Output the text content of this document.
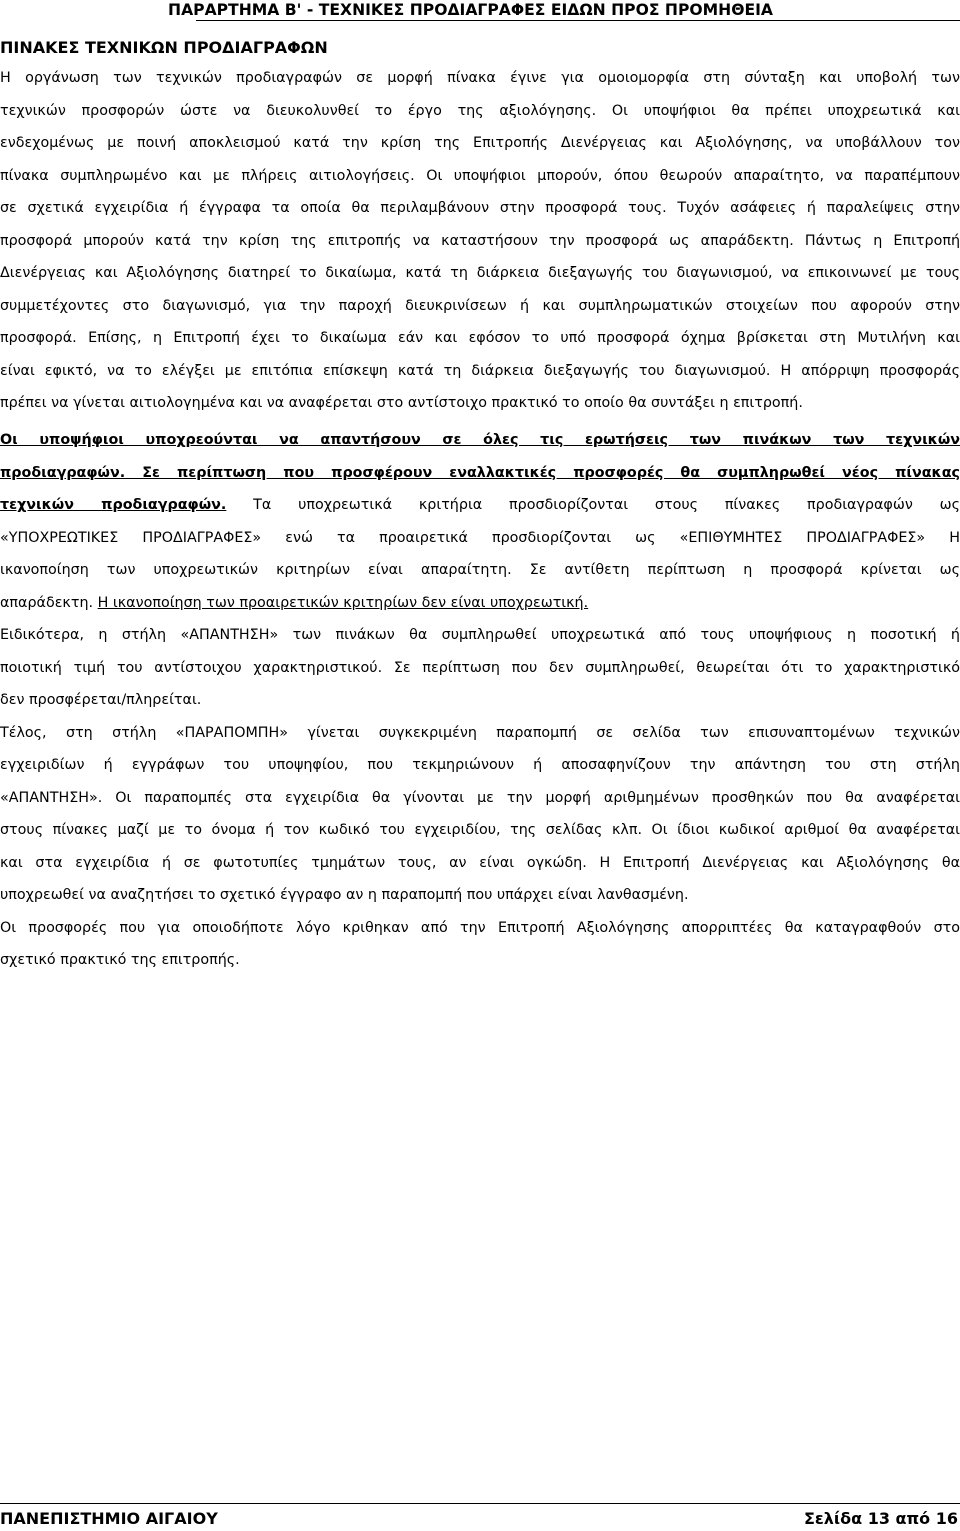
ΠΑΡΑΡΤΗΜΑ Β' - ΤΕΧΝΙΚΕΣ ΠΡΟΔΙΑΓΡΑΦΕΣ ΕΙΔΩΝ ΠΡΟΣ ΠΡΟΜΗΘΕΙΑ
ΠΙΝΑΚΕΣ ΤΕΧΝΙΚΩΝ ΠΡΟΔΙΑΓΡΑΦΩΝ
Η οργάνωση των τεχνικών προδιαγραφών σε μορφή πίνακα έγινε για ομοιομορφία στη σύνταξη και υποβολή των
τεχνικών προσφορών ώστε να διευκολυνθεί το έργο της αξιολόγησης. Οι υποψήφιοι θα πρέπει υποχρεωτικά και
ενδεχομένως με ποινή αποκλεισμού κατά την κρίση της Επιτροπής Διενέργειας και Αξιολόγησης, να υποβάλλουν τον
πίνακα συμπληρωμένο και με πλήρεις αιτιολογήσεις. Οι υποψήφιοι μπορούν, όπου θεωρούν απαραίτητο, να παραπέμπουν
σε σχετικά εγχειρίδια ή έγγραφα τα οποία θα περιλαμβάνουν στην προσφορά τους. Τυχόν ασάφειες ή παραλείψεις στην
προσφορά μπορούν κατά την κρίση της επιτροπής να καταστήσουν την προσφορά ως απαράδεκτη. Πάντως η Επιτροπή
Διενέργειας και Αξιολόγησης διατηρεί το δικαίωμα, κατά τη διάρκεια διεξαγωγής του διαγωνισμού, να επικοινωνεί με τους
συμμετέχοντες στο διαγωνισμό, για την παροχή διευκρινίσεων ή και συμπληρωματικών στοιχείων που αφορούν στην
προσφορά. Επίσης, η Επιτροπή έχει το δικαίωμα εάν και εφόσον το υπό προσφορά όχημα βρίσκεται στη Μυτιλήνη και
είναι εφικτό, να το ελέγξει με επιτόπια επίσκεψη κατά τη διάρκεια διεξαγωγής του διαγωνισμού. Η απόρριψη προσφοράς
πρέπει να γίνεται αιτιολογημένα και να αναφέρεται στο αντίστοιχο πρακτικό το οποίο θα συντάξει η επιτροπή.
Οι υποψήφιοι υποχρεούνται να απαντήσουν σε όλες τις ερωτήσεις των πινάκων των τεχνικών
προδιαγραφών. Σε περίπτωση που προσφέρουν εναλλακτικές προσφορές θα συμπληρωθεί νέος πίνακας
τεχνικών προδιαγραφών. Τα υποχρεωτικά κριτήρια προσδιορίζονται στους πίνακες προδιαγραφών ως
«ΥΠΟΧΡΕΩΤΙΚΕΣ ΠΡΟΔΙΑΓΡΑΦΕΣ» ενώ τα προαιρετικά προσδιορίζονται ως «ΕΠΙΘΥΜΗΤΕΣ ΠΡΟΔΙΑΓΡΑΦΕΣ» Η
ικανοποίηση των υποχρεωτικών κριτηρίων είναι απαραίτητη. Σε αντίθετη περίπτωση η προσφορά κρίνεται ως
απαράδεκτη. Η ικανοποίηση των προαιρετικών κριτηρίων δεν είναι υποχρεωτική.
Ειδικότερα, η στήλη «ΑΠΑΝΤΗΣΗ» των πινάκων θα συμπληρωθεί υποχρεωτικά από τους υποψήφιους η ποσοτική ή
ποιοτική τιμή του αντίστοιχου χαρακτηριστικού. Σε περίπτωση που δεν συμπληρωθεί, θεωρείται ότι το χαρακτηριστικό
δεν προσφέρεται/πληρείται.
Τέλος, στη στήλη «ΠΑΡΑΠΟΜΠΗ» γίνεται συγκεκριμένη παραπομπή σε σελίδα των επισυναπτομένων τεχνικών
εγχειριδίων ή εγγράφων του υποψηφίου, που τεκμηριώνουν ή αποσαφηνίζουν την απάντηση του στη στήλη
«ΑΠΑΝΤΗΣΗ». Οι παραπομπές στα εγχειρίδια θα γίνονται με την μορφή αριθμημένων προσθηκών που θα αναφέρεται
στους πίνακες μαζί με το όνομα ή τον κωδικό του εγχειριδίου, της σελίδας κλπ. Οι ίδιοι κωδικοί αριθμοί θα αναφέρεται
και στα εγχειρίδια ή σε φωτοτυπίες τμημάτων τους, αν είναι ογκώδη. Η Επιτροπή Διενέργειας και Αξιολόγησης θα
υποχρεωθεί να αναζητήσει το σχετικό έγγραφο αν η παραπομπή που υπάρχει είναι λανθασμένη.
Οι προσφορές που για οποιοδήποτε λόγο κριθηκαν από την Επιτροπή Αξιολόγησης απορριπτέες θα καταγραφθούν στο
σχετικό πρακτικό της επιτροπής.
ΠΑΝΕΠΙΣΤΗΜΙΟ ΑΙΓΑΙΟΥ	Σελίδα 13 από 16
